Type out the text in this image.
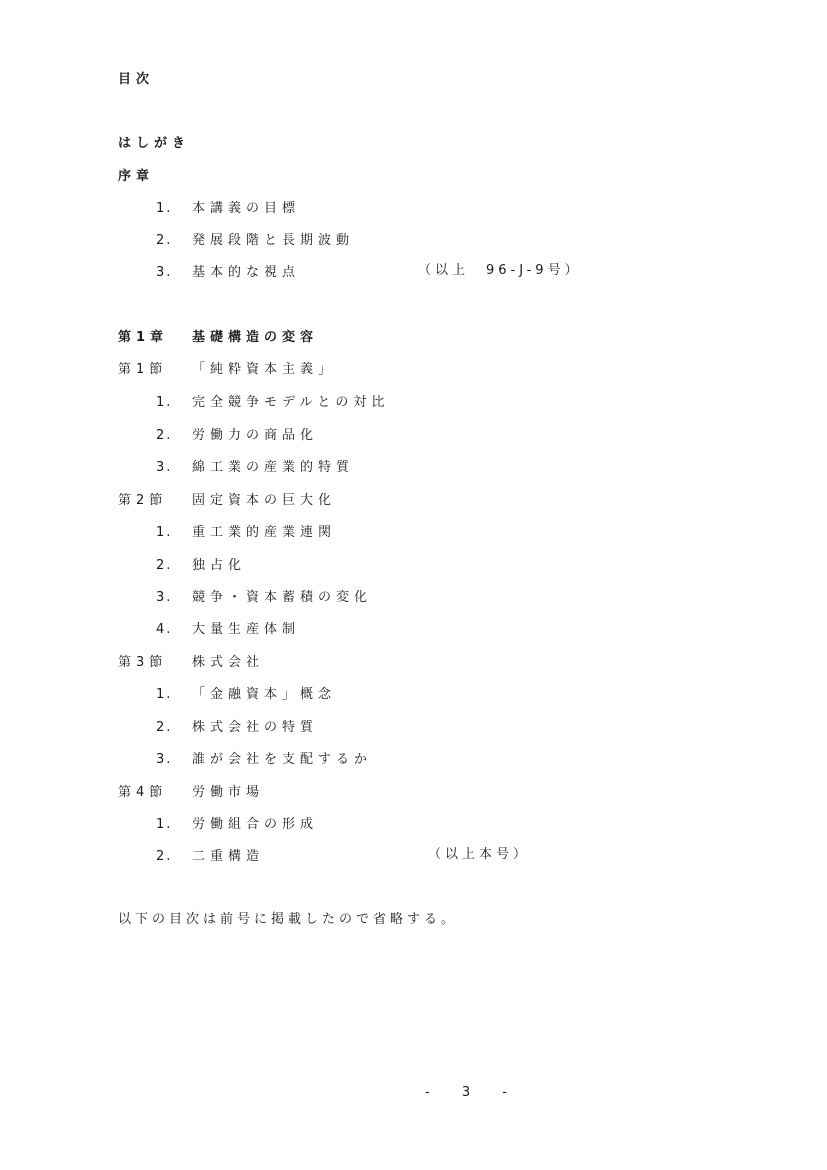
目次
はしがき
序章
1. 本講義の目標
2. 発展段階と長期波動
3. 基本的な視点	（以上　96-J-9号）
第1章 基礎構造の変容
第1節 「純粋資本主義」
1. 完全競争モデルとの対比
2. 労働力の商品化
3. 綿工業の産業的特質
第2節 固定資本の巨大化
1. 重工業的産業連関
2. 独占化
3. 競争・資本蓄積の変化
4. 大量生産体制
第3節 株式会社
1. 「金融資本」概念
2. 株式会社の特質
3. 誰が会社を支配するか
第4節 労働市場
1. 労働組合の形成
2. 二重構造	（以上本号）
以下の目次は前号に掲載したので省略する。
- 3 -
